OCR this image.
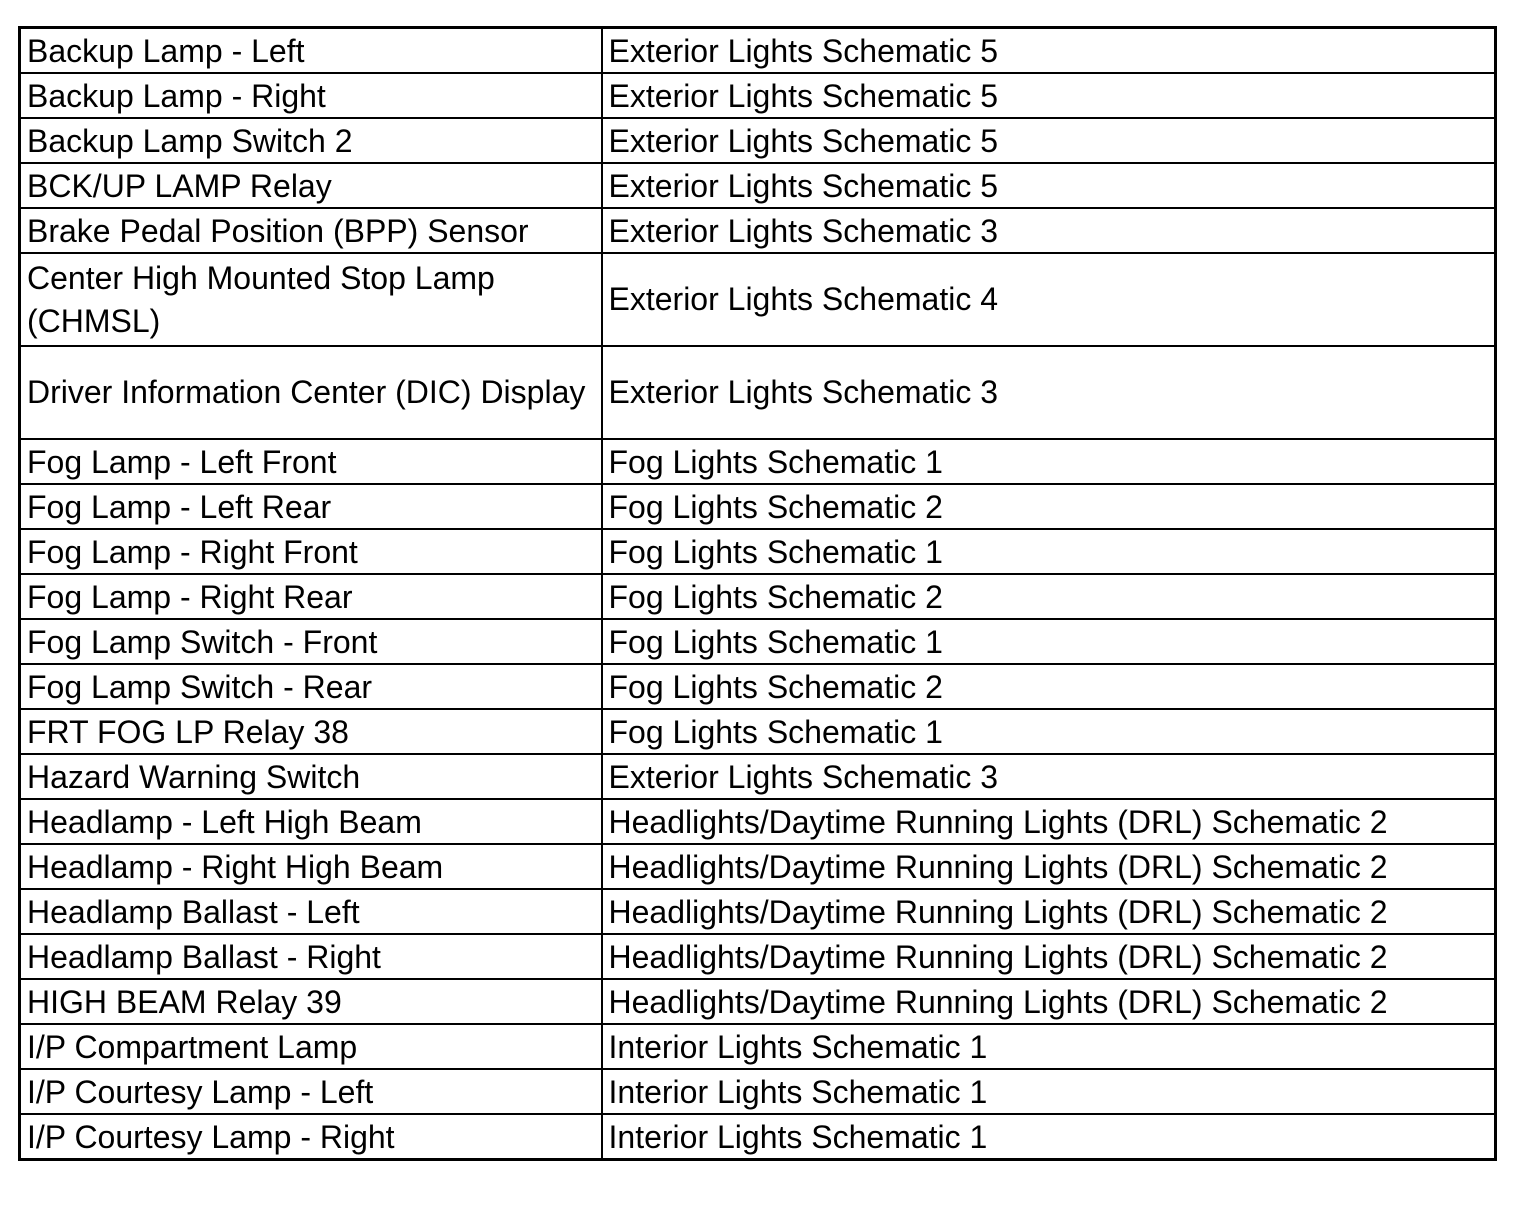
Backup Lamp - Left	Exterior Lights Schematic 5
Backup Lamp - Right	Exterior Lights Schematic 5
Backup Lamp Switch 2	Exterior Lights Schematic 5
BCK/UP LAMP Relay	Exterior Lights Schematic 5
Brake Pedal Position (BPP) Sensor	Exterior Lights Schematic 3
Center High Mounted Stop Lamp (CHMSL)	Exterior Lights Schematic 4
Driver Information Center (DIC) Display	Exterior Lights Schematic 3
Fog Lamp - Left Front	Fog Lights Schematic 1
Fog Lamp - Left Rear	Fog Lights Schematic 2
Fog Lamp - Right Front	Fog Lights Schematic 1
Fog Lamp - Right Rear	Fog Lights Schematic 2
Fog Lamp Switch - Front	Fog Lights Schematic 1
Fog Lamp Switch - Rear	Fog Lights Schematic 2
FRT FOG LP Relay 38	Fog Lights Schematic 1
Hazard Warning Switch	Exterior Lights Schematic 3
Headlamp - Left High Beam	Headlights/Daytime Running Lights (DRL) Schematic 2
Headlamp - Right High Beam	Headlights/Daytime Running Lights (DRL) Schematic 2
Headlamp Ballast - Left	Headlights/Daytime Running Lights (DRL) Schematic 2
Headlamp Ballast - Right	Headlights/Daytime Running Lights (DRL) Schematic 2
HIGH BEAM Relay 39	Headlights/Daytime Running Lights (DRL) Schematic 2
I/P Compartment Lamp	Interior Lights Schematic 1
I/P Courtesy Lamp - Left	Interior Lights Schematic 1
I/P Courtesy Lamp - Right	Interior Lights Schematic 1
